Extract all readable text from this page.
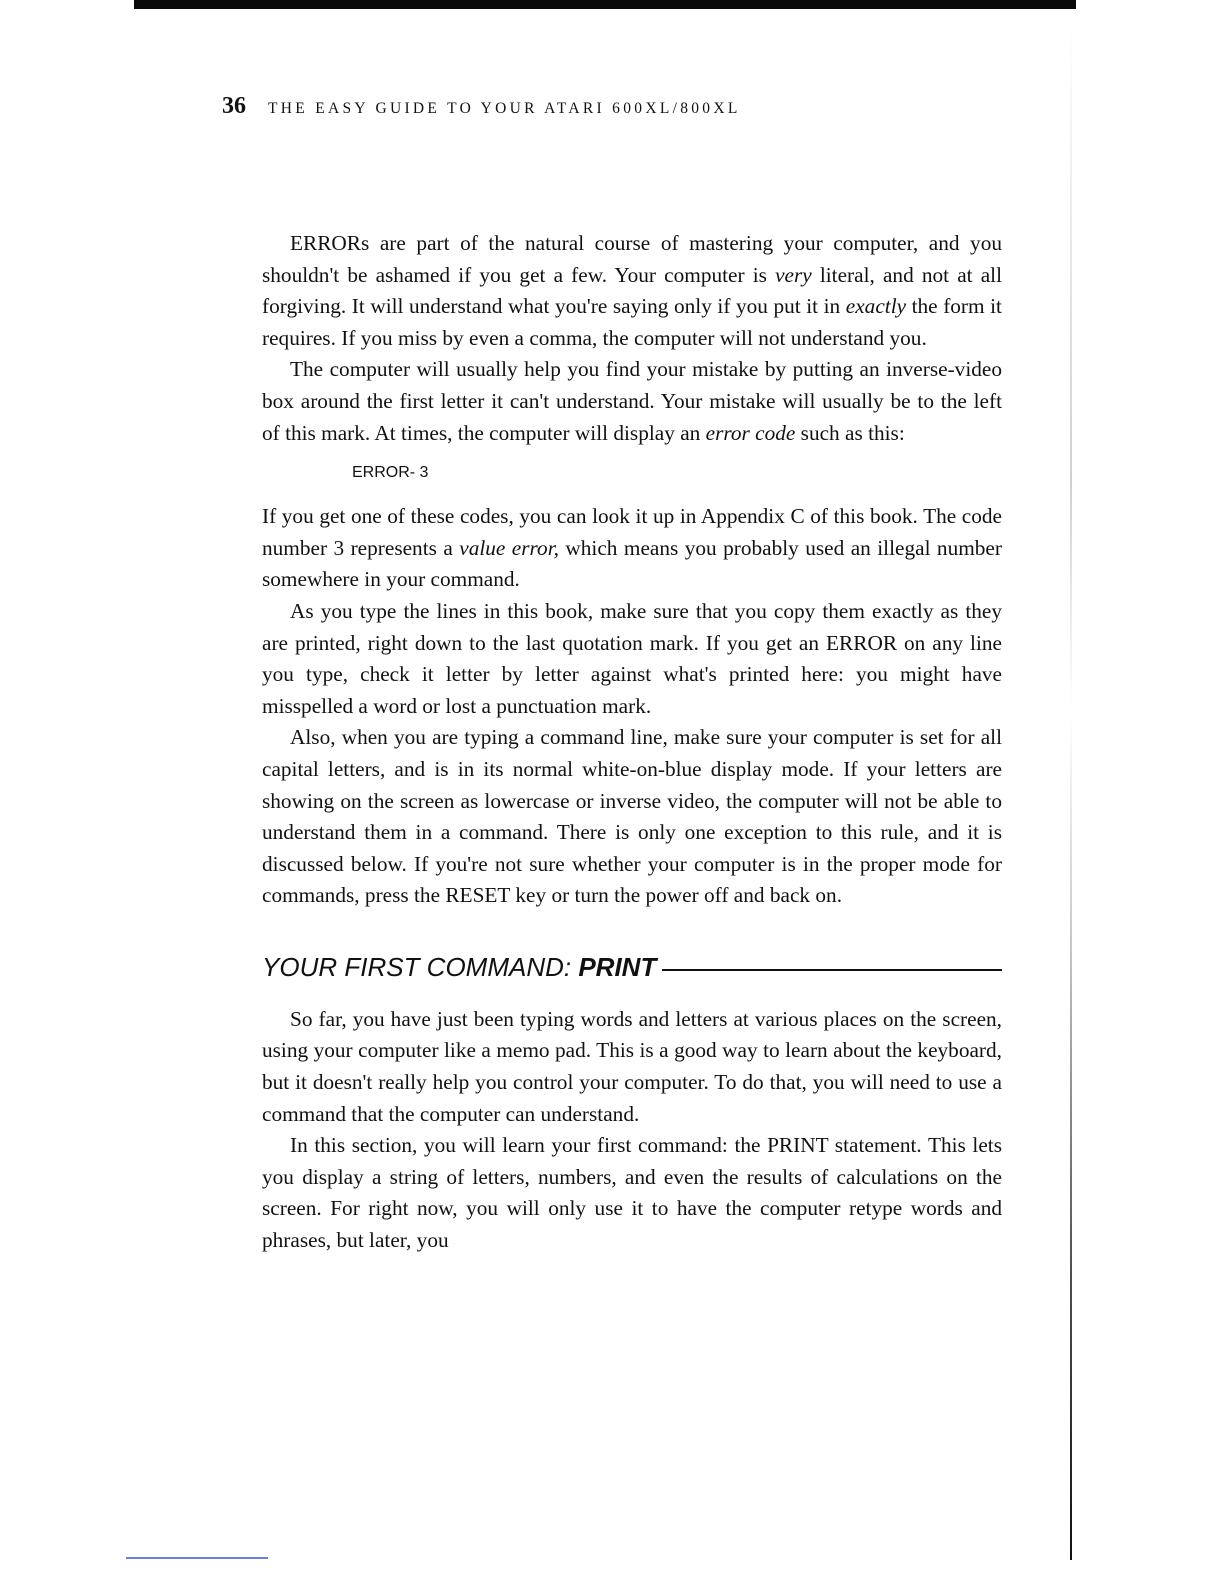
36 THE EASY GUIDE TO YOUR ATARI 600XL/800XL

ERRORs are part of the natural course of mastering your computer, and you shouldn't be ashamed if you get a few. Your computer is very literal, and not at all forgiving. It will understand what you're saying only if you put it in exactly the form it requires. If you miss by even a comma, the computer will not understand you.

The computer will usually help you find your mistake by putting an inverse-video box around the first letter it can't understand. Your mistake will usually be to the left of this mark. At times, the computer will display an error code such as this:

ERROR- 3

If you get one of these codes, you can look it up in Appendix C of this book. The code number 3 represents a value error, which means you probably used an illegal number somewhere in your command.

As you type the lines in this book, make sure that you copy them exactly as they are printed, right down to the last quotation mark. If you get an ERROR on any line you type, check it letter by letter against what's printed here: you might have misspelled a word or lost a punctuation mark.

Also, when you are typing a command line, make sure your computer is set for all capital letters, and is in its normal white-on-blue display mode. If your letters are showing on the screen as lowercase or inverse video, the computer will not be able to understand them in a command. There is only one exception to this rule, and it is discussed below. If you're not sure whether your computer is in the proper mode for commands, press the RESET key or turn the power off and back on.

YOUR FIRST COMMAND: PRINT

So far, you have just been typing words and letters at various places on the screen, using your computer like a memo pad. This is a good way to learn about the keyboard, but it doesn't really help you control your computer. To do that, you will need to use a command that the computer can understand.

In this section, you will learn your first command: the PRINT statement. This lets you display a string of letters, numbers, and even the results of calculations on the screen. For right now, you will only use it to have the computer retype words and phrases, but later, you
